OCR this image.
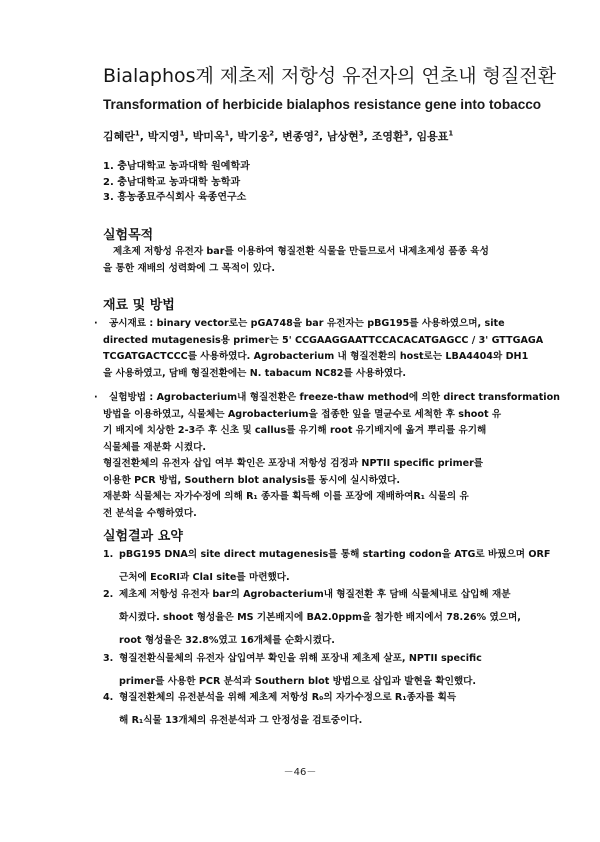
Bialaphos계 제초제 저항성 유전자의 연초내 형질전환
Transformation of herbicide bialaphos resistance gene into tobacco
김혜란$^1$, 박지영$^1$, 박미옥$^1$, 박기웅$^2$, 변종영$^2$, 남상현$^3$, 조영환$^3$, 임용표$^1$
1. 충남대학교 농과대학 원예학과
2. 충남대학교 농과대학 농학과
3. 흥농종묘주식회사 육종연구소
실험목적
제초제 저항성 유전자 bar를 이용하여 형질전환 식물을 만들므로서 내제초제성 품종 육성
을 통한 재배의 성력화에 그 목적이 있다.
재료 및 방법
·	공시재료 : binary vector로는 pGA748을 bar 유전자는 pBG195를 사용하였으며, site
directed mutagenesis용 primer는 5' CCGAAGGAATTCCACACATGAGCC / 3' GTTGAGA
TCGATGACTCCC를 사용하였다. Agrobacterium 내 형질전환의 host로는 LBA4404와 DH1
을 사용하였고, 담배 형질전환에는 N. tabacum NC82를 사용하였다.
·	실험방법 : Agrobacterium내 형질전환은 freeze-thaw method에 의한 direct transformation
방법을 이용하였고, 식물체는 Agrobacterium을 접종한 잎을 멸균수로 세척한 후 shoot 유
기 배지에 치상한 2-3주 후 신초 및 callus를 유기해 root 유기배지에 옮겨 뿌리를 유기해
식물체를 재분화 시켰다.
형질전환체의 유전자 삽입 여부 확인은 포장내 저항성 검정과 NPTII specific primer를
이용한 PCR 방법, Southern blot analysis를 동시에 실시하였다.
재분화 식물체는 자가수정에 의해 R₁ 종자를 획득해 이를 포장에 재배하여R₁ 식물의 유
전 분석을 수행하였다.
실험결과 요약
1. pBG195 DNA의 site direct mutagenesis를 통해 starting codon을 ATG로 바꿨으며 ORF
근처에 EcoRI과 ClaI site를 마련했다.
2. 제초제 저항성 유전자 bar의 Agrobacterium내 형질전환 후 담배 식물체내로 삽입해 재분
화시켰다. shoot 형성율은 MS 기본배지에 BA2.0ppm을 첨가한 배지에서 78.26% 였으며,
root 형성율은 32.8%였고 16개체를 순화시켰다.
3. 형질전환식물체의 유전자 삽입여부 확인을 위해 포장내 제초제 살포, NPTII specific
primer를 사용한 PCR 분석과 Southern blot 방법으로 삽입과 발현을 확인했다.
4. 형질전환체의 유전분석을 위해 제초제 저항성 R₀의 자가수정으로 R₁종자를 획득
해 R₁식물 13개체의 유전분석과 그 안정성을 검토중이다.
－46－
